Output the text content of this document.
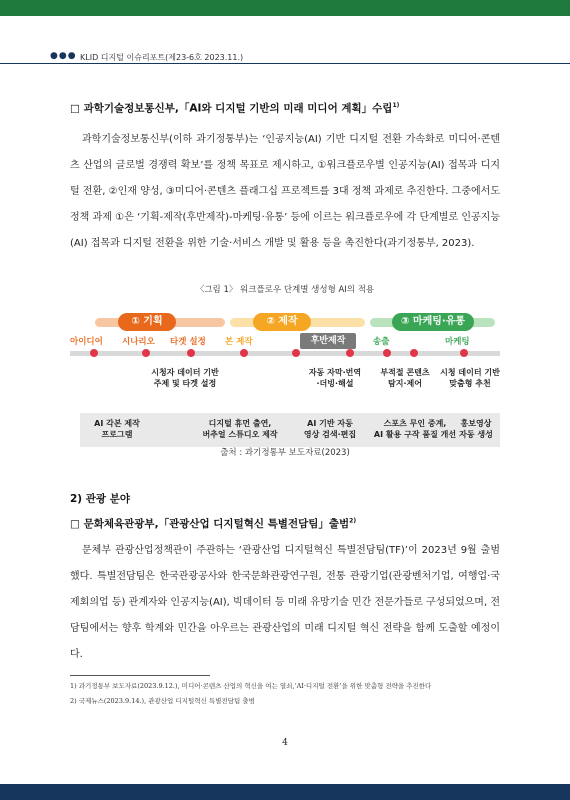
●●● KLID 디지털 이슈리포트(제23-6호 2023.11.)

□ 과학기술정보통신부,「AI와 디지털 기반의 미래 미디어 계획」수립$^{1)}$

과학기술정보통신부(이하 과기정통부)는 ‘인공지능(AI) 기반 디지털 전환 가속화로 미디어·콘텐츠 산업의 글로벌 경쟁력 확보’를 정책 목표로 제시하고, ①워크플로우별 인공지능(AI) 접목과 디지털 전환, ②인재 양성, ③미디어·콘텐츠 플래그십 프로젝트를 3대 정책 과제로 추진한다. 그중에서도 정책 과제 ①은 ‘기획-제작(후반제작)-마케팅·유통’ 등에 이르는 워크플로우에 각 단계별로 인공지능(AI) 접목과 디지털 전환을 위한 기술·서비스 개발 및 활용 등을 촉진한다(과기정통부, 2023).

〈그림 1〉 워크플로우 단계별 생성형 AI의 적용
① 기획	② 제작
후반제작
③ 마케팅·유통
아이디어 시나리오 타겟 설정 본 제작	송출	마케팅
시청자 데이터 기반
주제 및 타겟 설정
자동 자막·번역
·더빙·해설
부적절 콘텐츠
탐지·제어
시청 데이터 기반
맞춤형 추천
AI 각본 제작
프로그램
디지털 휴먼 출연,
버추얼 스튜디오 제작
AI 기반 자동
영상 검색·편집
스포츠 무인 중계,
AI 활용 구작 품질 개선
홍보영상
자동 생성
출처 : 과기정통부 보도자료(2023)
2) 관광 분야
□ 문화체육관광부,「관광산업 디지털혁신 특별전담팀」출범$^{2)}$

문체부 관광산업정책관이 주관하는 ‘관광산업 디지털혁신 특별전담팀(TF)’이 2023년 9월 출범했다. 특별전담팀은 한국관광공사와 한국문화관광연구원, 전통 관광기업(관광벤처기업, 여행업·국제회의업 등) 관계자와 인공지능(AI), 빅데이터 등 미래 유망기술 민간 전문가들로 구성되었으며, 전담팀에서는 향후 학계와 민간을 아우르는 관광산업의 미래 디지털 혁신 전략을 함께 도출할 예정이다.

1) 과기정통부 보도자료(2023.9.12.), 미디어·콘텐츠 산업의 혁신을 여는 열쇠,‘AI·디지털 전환’을 위한 맞춤형 전략을 추진한다
2) 국제뉴스(2023.9.14.), 관광산업 디지털혁신 특별전담팀 출범
4
